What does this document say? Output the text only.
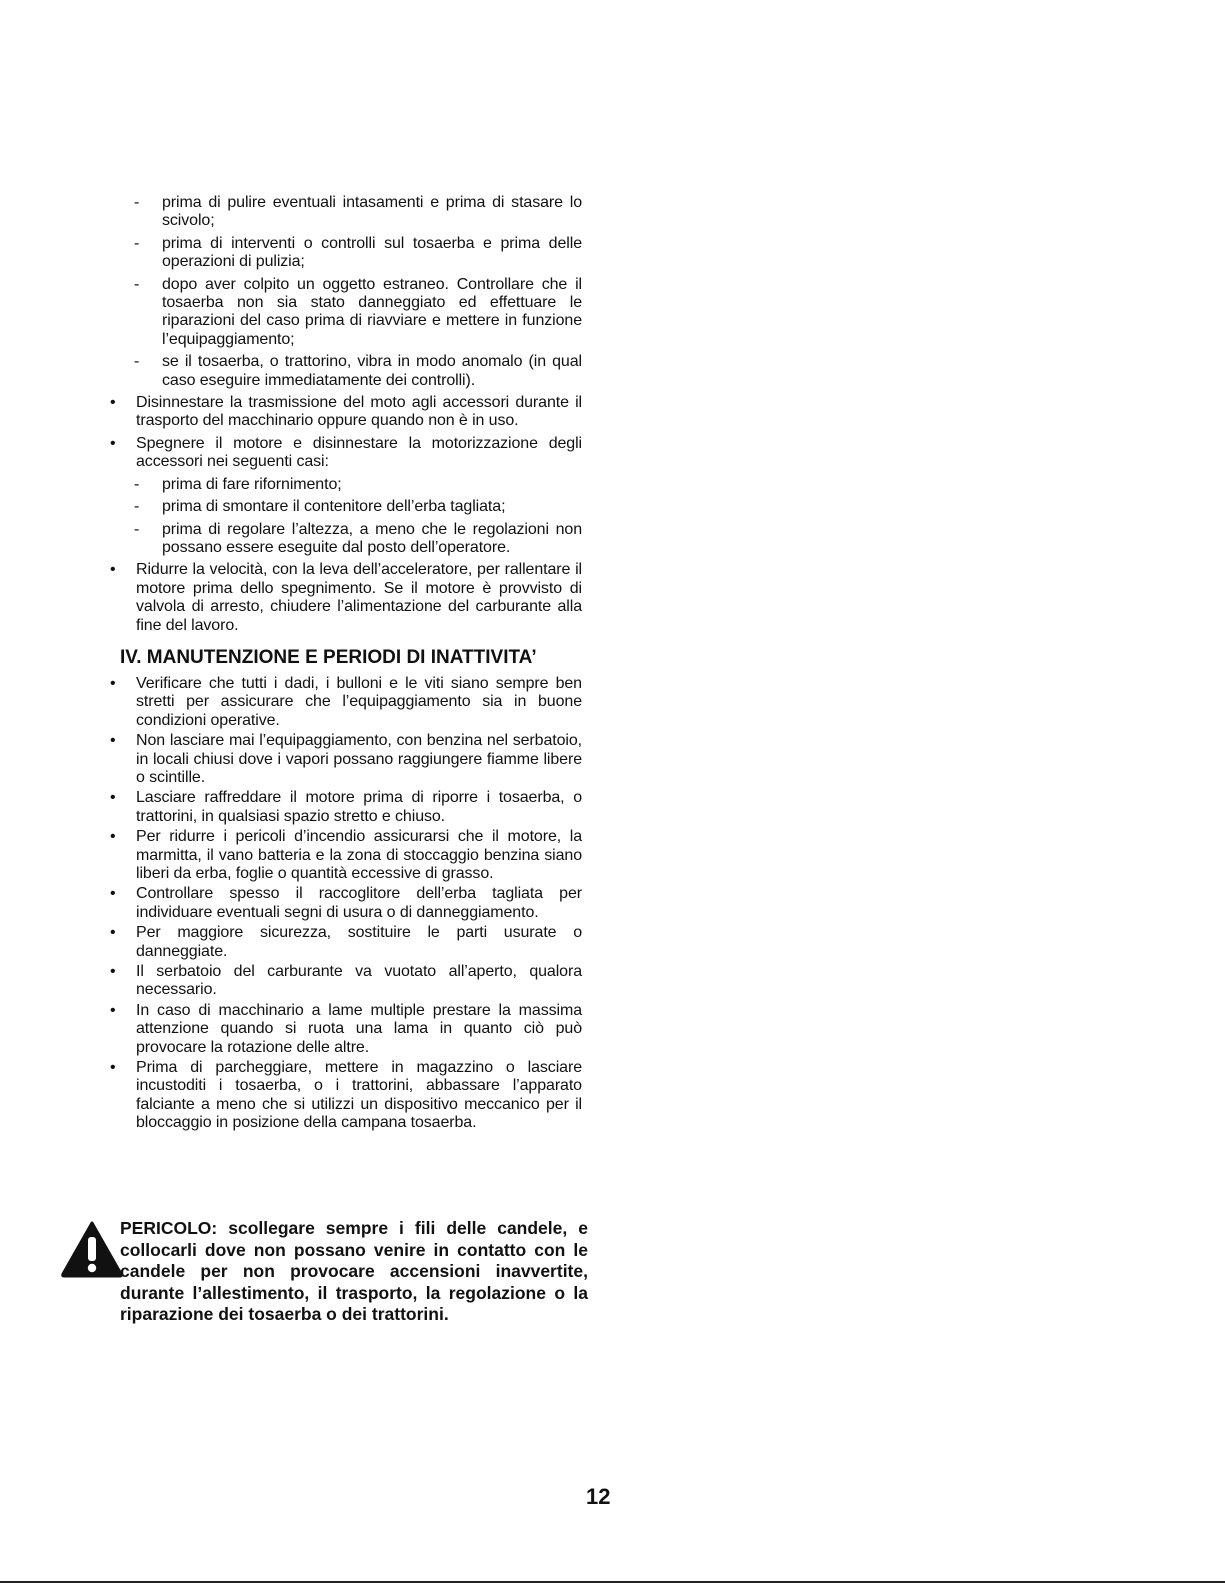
- prima di pulire eventuali intasamenti e prima di stasare lo scivolo;
- prima di interventi o controlli sul tosaerba e prima delle operazioni di pulizia;
- dopo aver colpito un oggetto estraneo. Controllare che il tosaerba non sia stato danneggiato ed effettuare le riparazioni del caso prima di riavviare e mettere in funzione l’equipaggiamento;
- se il tosaerba, o trattorino, vibra in modo anomalo (in qual caso eseguire immediatamente dei controlli).
• Disinnestare la trasmissione del moto agli accessori durante il trasporto del macchinario oppure quando non è in uso.
• Spegnere il motore e disinnestare la motorizzazione degli accessori nei seguenti casi:
- prima di fare rifornimento;
- prima di smontare il contenitore dell’erba tagliata;
- prima di regolare l’altezza, a meno che le regolazioni non possano essere eseguite dal posto dell’operatore.
• Ridurre la velocità, con la leva dell’acceleratore, per rallentare il motore prima dello spegnimento. Se il motore è provvisto di valvola di arresto, chiudere l’alimentazione del carburante alla fine del lavoro.
IV. MANUTENZIONE E PERIODI DI INATTIVITA’
• Verificare che tutti i dadi, i bulloni e le viti siano sempre ben stretti per assicurare che l’equipaggiamento sia in buone condizioni operative.
• Non lasciare mai l’equipaggiamento, con benzina nel serbatoio, in locali chiusi dove i vapori possano raggiungere fiamme libere o scintille.
• Lasciare raffreddare il motore prima di riporre i tosaerba, o trattorini, in qualsiasi spazio stretto e chiuso.
• Per ridurre i pericoli d’incendio assicurarsi che il motore, la marmitta, il vano batteria e la zona di stoccaggio benzina siano liberi da erba, foglie o quantità eccessive di grasso.
• Controllare spesso il raccoglitore dell’erba tagliata per individuare eventuali segni di usura o di danneggiamento.
• Per maggiore sicurezza, sostituire le parti usurate o danneggiate.
• Il serbatoio del carburante va vuotato all’aperto, qualora necessario.
• In caso di macchinario a lame multiple prestare la massima attenzione quando si ruota una lama in quanto ciò può provocare la rotazione delle altre.
• Prima di parcheggiare, mettere in magazzino o lasciare incustoditi i tosaerba, o i trattorini, abbassare l’apparato falciante a meno che si utilizzi un dispositivo meccanico per il bloccaggio in posizione della campana tosaerba.
PERICOLO: scollegare sempre i fili delle candele, e collocarli dove non possano venire in contatto con le candele per non provocare accensioni inavvertite, durante l’allestimento, il trasporto, la regolazione o la riparazione dei tosaerba o dei trattorini.
12
